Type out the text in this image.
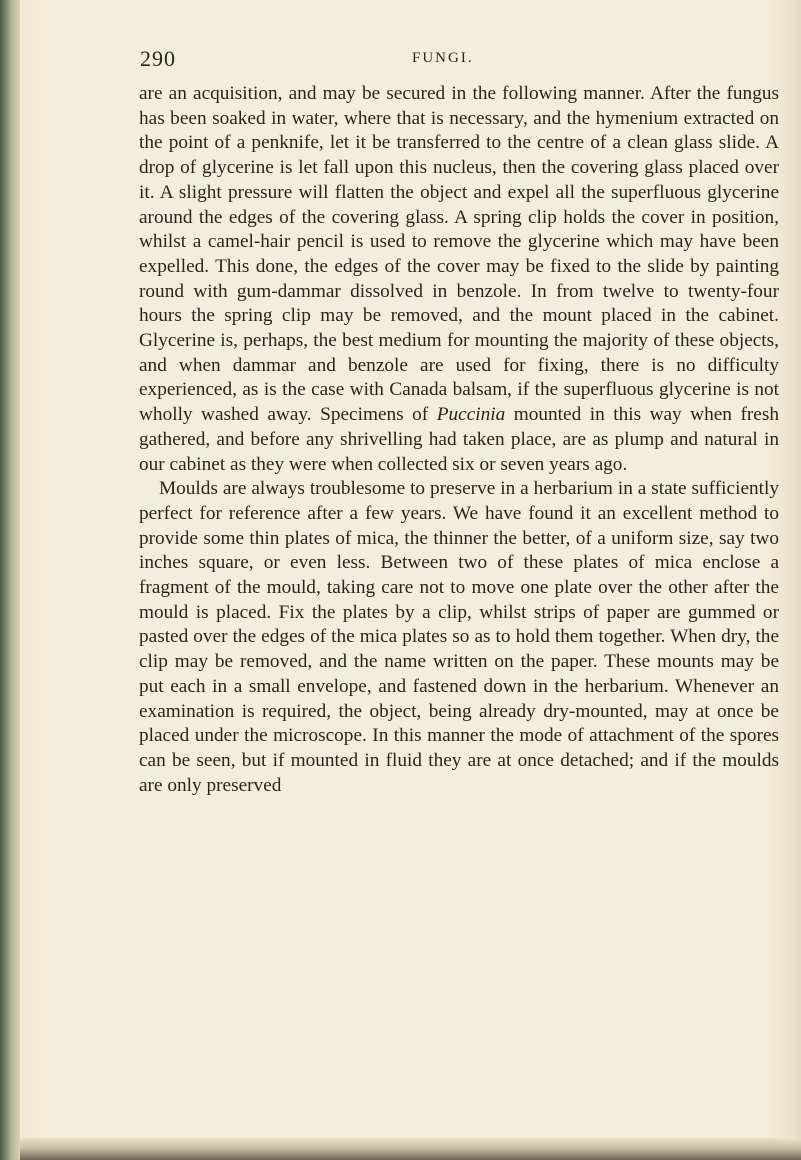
290	FUNGI.

are an acquisition, and may be secured in the following manner. After the fungus has been soaked in water, where that is necessary, and the hymenium extracted on the point of a penknife, let it be transferred to the centre of a clean glass slide. A drop of glycerine is let fall upon this nucleus, then the covering glass placed over it. A slight pressure will flatten the object and expel all the superfluous glycerine around the edges of the covering glass. A spring clip holds the cover in position, whilst a camel-hair pencil is used to remove the glycerine which may have been expelled. This done, the edges of the cover may be fixed to the slide by painting round with gum-dammar dissolved in benzole. In from twelve to twenty-four hours the spring clip may be removed, and the mount placed in the cabinet. Glycerine is, perhaps, the best medium for mounting the majority of these objects, and when dammar and benzole are used for fixing, there is no difficulty experienced, as is the case with Canada balsam, if the superfluous glycerine is not wholly washed away. Specimens of Puccinia mounted in this way when fresh gathered, and before any shrivelling had taken place, are as plump and natural in our cabinet as they were when collected six or seven years ago.

Moulds are always troublesome to preserve in a herbarium in a state sufficiently perfect for reference after a few years. We have found it an excellent method to provide some thin plates of mica, the thinner the better, of a uniform size, say two inches square, or even less. Between two of these plates of mica enclose a fragment of the mould, taking care not to move one plate over the other after the mould is placed. Fix the plates by a clip, whilst strips of paper are gummed or pasted over the edges of the mica plates so as to hold them together. When dry, the clip may be removed, and the name written on the paper. These mounts may be put each in a small envelope, and fastened down in the herbarium. Whenever an examination is required, the object, being already dry-mounted, may at once be placed under the microscope. In this manner the mode of attachment of the spores can be seen, but if mounted in fluid they are at once detached; and if the moulds are only preserved
